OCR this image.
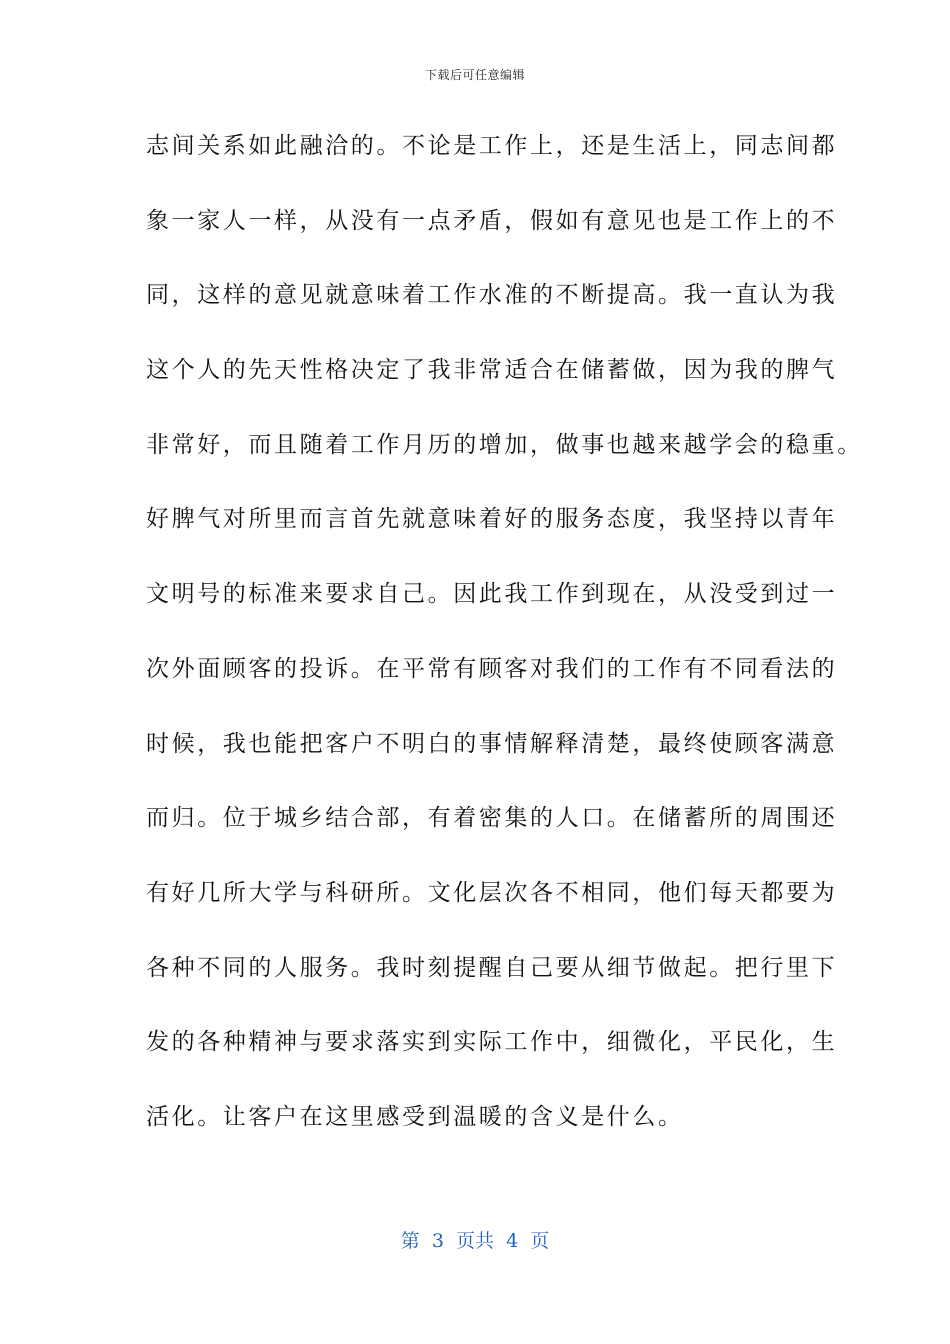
下载后可任意编辑
志间关系如此融洽的。不论是工作上，还是生活上，同志间都
象一家人一样，从没有一点矛盾，假如有意见也是工作上的不
同，这样的意见就意味着工作水准的不断提高。我一直认为我
这个人的先天性格决定了我非常适合在储蓄做，因为我的脾气
非常好，而且随着工作月历的增加，做事也越来越学会的稳重。
好脾气对所里而言首先就意味着好的服务态度，我坚持以青年
文明号的标准来要求自己。因此我工作到现在，从没受到过一
次外面顾客的投诉。在平常有顾客对我们的工作有不同看法的
时候，我也能把客户不明白的事情解释清楚，最终使顾客满意
而归。位于城乡结合部，有着密集的人口。在储蓄所的周围还
有好几所大学与科研所。文化层次各不相同，他们每天都要为
各种不同的人服务。我时刻提醒自己要从细节做起。把行里下
发的各种精神与要求落实到实际工作中，细微化，平民化，生
活化。让客户在这里感受到温暖的含义是什么。
第  3  页共  4  页
